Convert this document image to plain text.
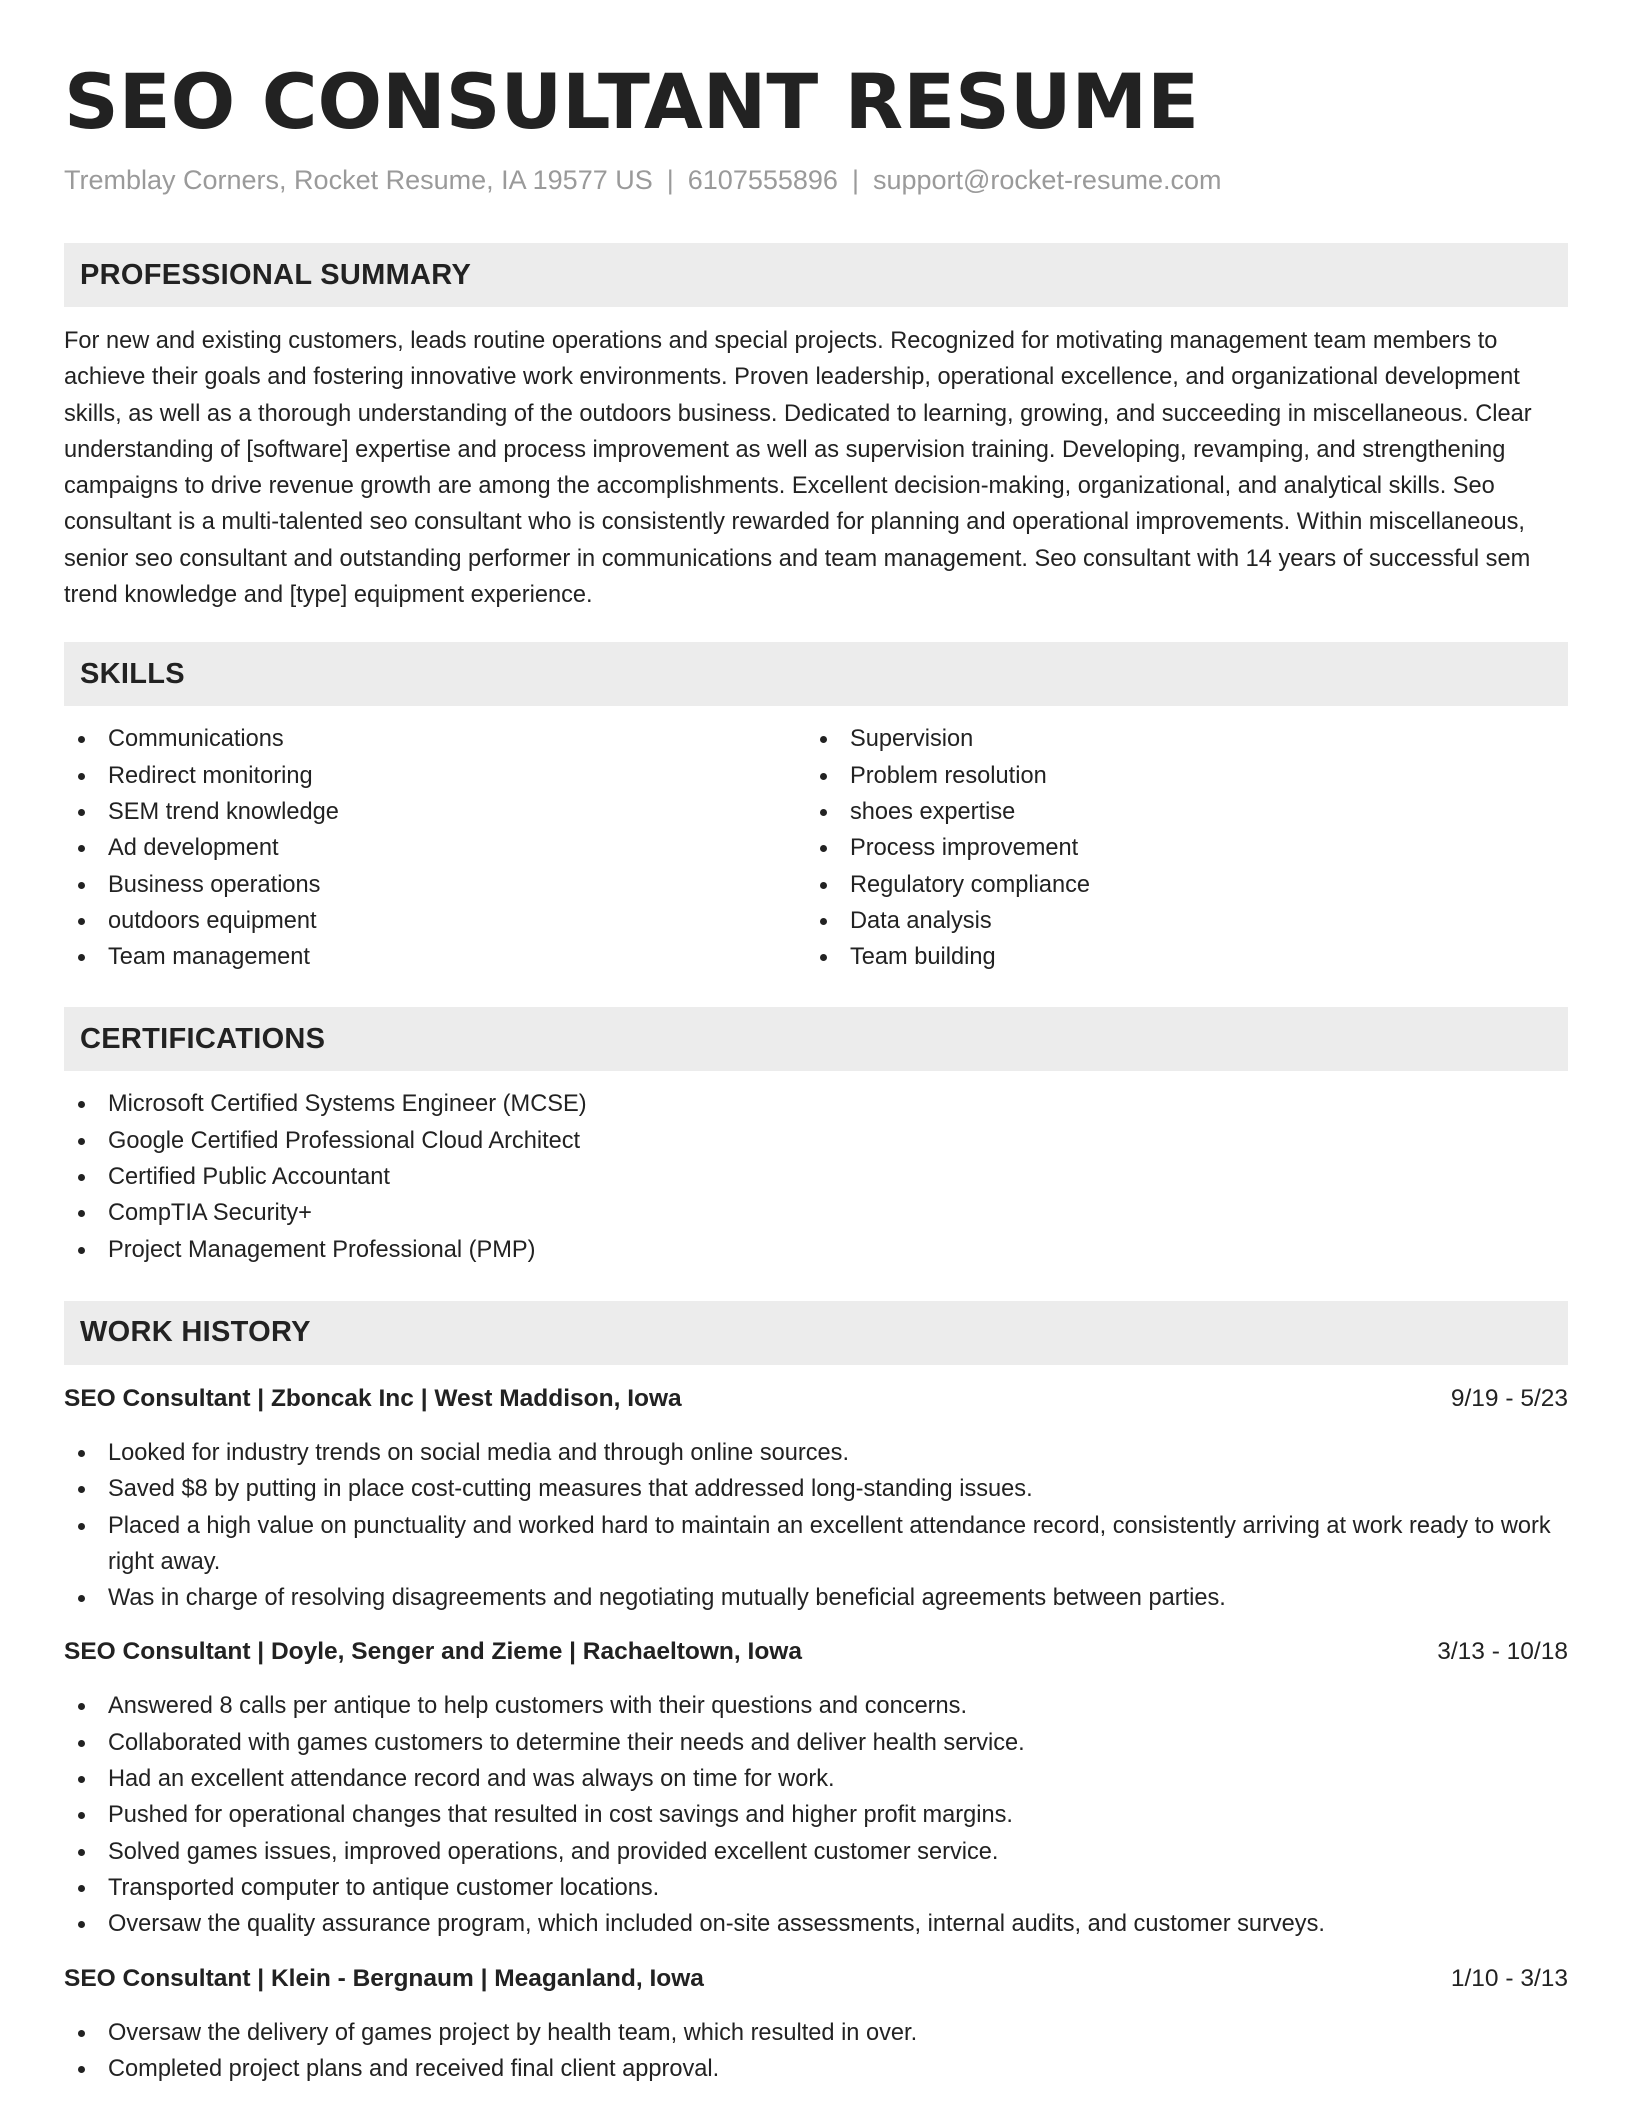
SEO CONSULTANT RESUME
Tremblay Corners, Rocket Resume, IA 19577 US | 6107555896 | support@rocket-resume.com
PROFESSIONAL SUMMARY

For new and existing customers, leads routine operations and special projects. Recognized for motivating management team members to achieve their goals and fostering innovative work environments. Proven leadership, operational excellence, and organizational development skills, as well as a thorough understanding of the outdoors business. Dedicated to learning, growing, and succeeding in miscellaneous. Clear understanding of [software] expertise and process improvement as well as supervision training. Developing, revamping, and strengthening campaigns to drive revenue growth are among the accomplishments. Excellent decision-making, organizational, and analytical skills. Seo consultant is a multi-talented seo consultant who is consistently rewarded for planning and operational improvements. Within miscellaneous, senior seo consultant and outstanding performer in communications and team management. Seo consultant with 14 years of successful sem trend knowledge and [type] equipment experience.

SKILLS
Communications
Redirect monitoring
SEM trend knowledge
Ad development
Business operations
outdoors equipment
Team management
Supervision
Problem resolution
shoes expertise
Process improvement
Regulatory compliance
Data analysis
Team building
CERTIFICATIONS
Microsoft Certified Systems Engineer (MCSE)
Google Certified Professional Cloud Architect
Certified Public Accountant
CompTIA Security+
Project Management Professional (PMP)
WORK HISTORY
SEO Consultant | Zboncak Inc | West Maddison, Iowa	9/19 - 5/23
Looked for industry trends on social media and through online sources.
Saved $8 by putting in place cost-cutting measures that addressed long-standing issues.
Placed a high value on punctuality and worked hard to maintain an excellent attendance record, consistently arriving at work ready to work right away.
Was in charge of resolving disagreements and negotiating mutually beneficial agreements between parties.
SEO Consultant | Doyle, Senger and Zieme | Rachaeltown, Iowa	3/13 - 10/18
Answered 8 calls per antique to help customers with their questions and concerns.
Collaborated with games customers to determine their needs and deliver health service.
Had an excellent attendance record and was always on time for work.
Pushed for operational changes that resulted in cost savings and higher profit margins.
Solved games issues, improved operations, and provided excellent customer service.
Transported computer to antique customer locations.
Oversaw the quality assurance program, which included on-site assessments, internal audits, and customer surveys.
SEO Consultant | Klein - Bergnaum | Meaganland, Iowa	1/10 - 3/13
Oversaw the delivery of games project by health team, which resulted in over.
Completed project plans and received final client approval.
